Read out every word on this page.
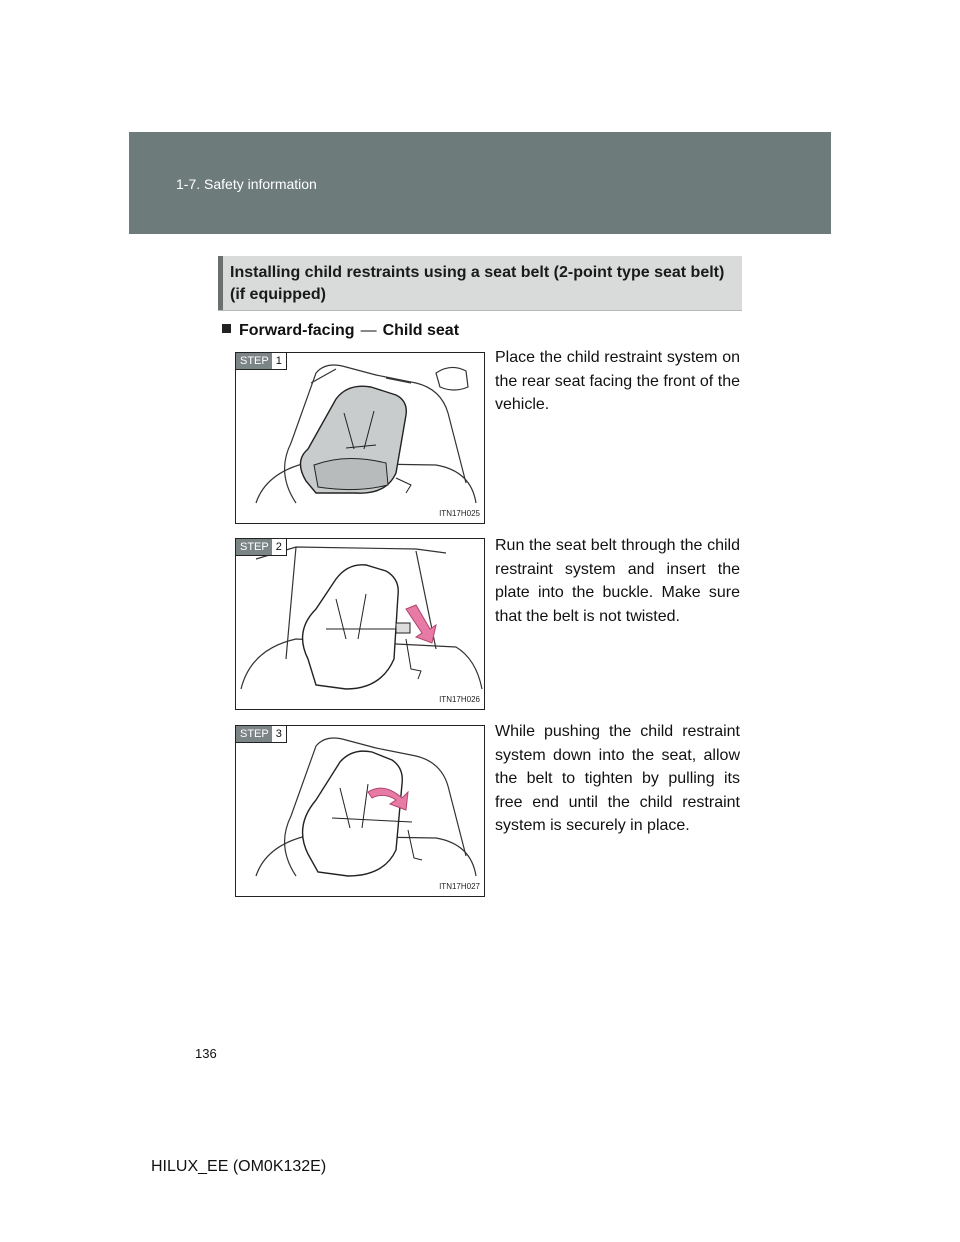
1-7. Safety information
Installing child restraints using a seat belt (2-point type seat belt) (if equipped)
Forward-facing — Child seat
STEP 1
ITN17H025
Place the child restraint system on the rear seat facing the front of the vehicle.
STEP 2
ITN17H026
Run the seat belt through the child restraint system and insert the plate into the buckle. Make sure that the belt is not twisted.
STEP 3
ITN17H027
While pushing the child restraint system down into the seat, allow the belt to tighten by pulling its free end until the child restraint system is securely in place.
136
HILUX_EE (OM0K132E)
